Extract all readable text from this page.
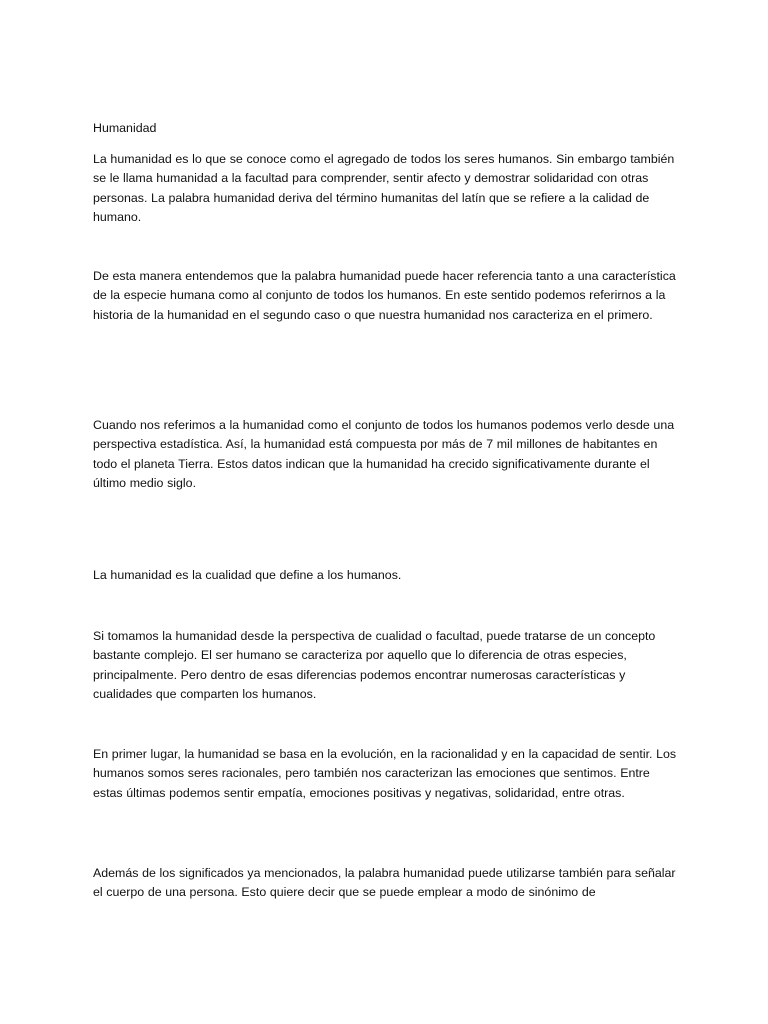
Humanidad

La humanidad es lo que se conoce como el agregado de todos los seres humanos. Sin embargo también se le llama humanidad a la facultad para comprender, sentir afecto y demostrar solidaridad con otras personas. La palabra humanidad deriva del término humanitas del latín que se refiere a la calidad de humano.

De esta manera entendemos que la palabra humanidad puede hacer referencia tanto a una característica de la especie humana como al conjunto de todos los humanos. En este sentido podemos referirnos a la historia de la humanidad en el segundo caso o que nuestra humanidad nos caracteriza en el primero.

Cuando nos referimos a la humanidad como el conjunto de todos los humanos podemos verlo desde una perspectiva estadística. Así, la humanidad está compuesta por más de 7 mil millones de habitantes en todo el planeta Tierra. Estos datos indican que la humanidad ha crecido significativamente durante el último medio siglo.

La humanidad es la cualidad que define a los humanos.

Si tomamos la humanidad desde la perspectiva de cualidad o facultad, puede tratarse de un concepto bastante complejo. El ser humano se caracteriza por aquello que lo diferencia de otras especies, principalmente. Pero dentro de esas diferencias podemos encontrar numerosas características y cualidades que comparten los humanos.

En primer lugar, la humanidad se basa en la evolución, en la racionalidad y en la capacidad de sentir. Los humanos somos seres racionales, pero también nos caracterizan las emociones que sentimos. Entre estas últimas podemos sentir empatía, emociones positivas y negativas, solidaridad, entre otras.

Además de los significados ya mencionados, la palabra humanidad puede utilizarse también para señalar el cuerpo de una persona. Esto quiere decir que se puede emplear a modo de sinónimo de
